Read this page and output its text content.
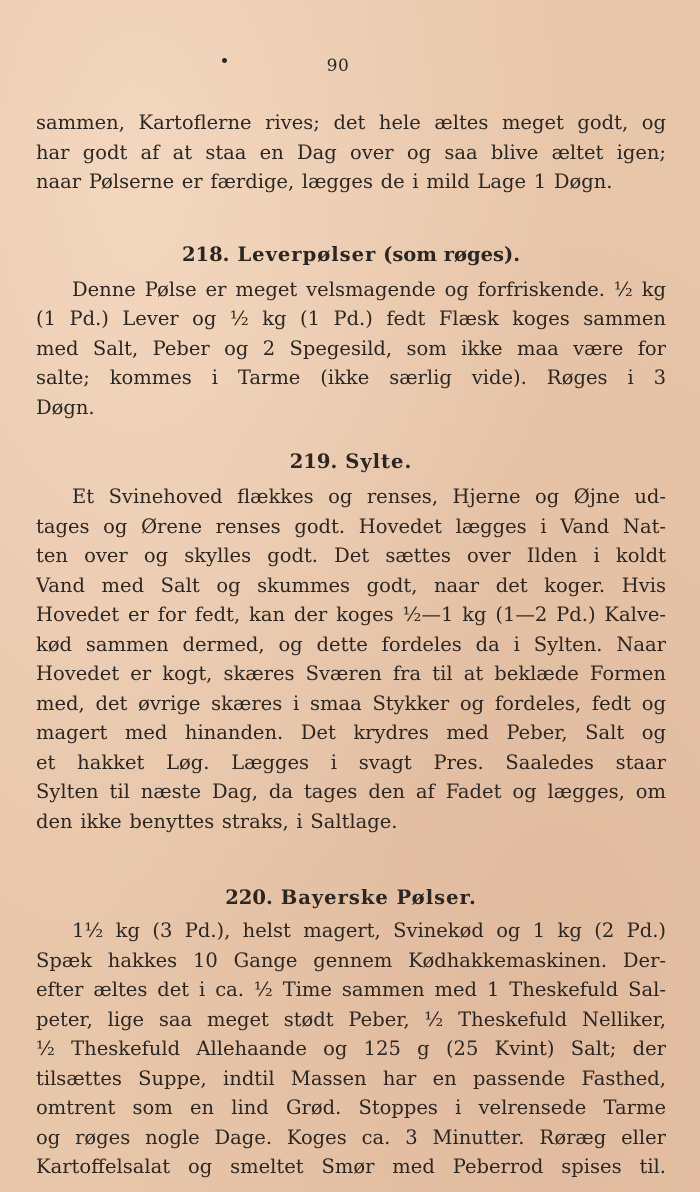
90

sammen, Kartoflerne rives; det hele æltes meget godt, og
har godt af at staa en Dag over og saa blive æltet igen;
naar Pølserne er færdige, lægges de i mild Lage 1 Døgn.

218. Leverpølser (som røges).

Denne Pølse er meget velsmagende og forfriskende. ½ kg
(1 Pd.) Lever og ½ kg (1 Pd.) fedt Flæsk koges sammen
med Salt, Peber og 2 Spegesild, som ikke maa være for
salte; kommes i Tarme (ikke særlig vide). Røges i 3
Døgn.

219. Sylte.

Et Svinehoved flækkes og renses, Hjerne og Øjne ud-
tages og Ørene renses godt. Hovedet lægges i Vand Nat-
ten over og skylles godt. Det sættes over Ilden i koldt
Vand med Salt og skummes godt, naar det koger. Hvis
Hovedet er for fedt, kan der koges ½—1 kg (1—2 Pd.) Kalve-
kød sammen dermed, og dette fordeles da i Sylten. Naar
Hovedet er kogt, skæres Sværen fra til at beklæde Formen
med, det øvrige skæres i smaa Stykker og fordeles, fedt og
magert med hinanden. Det krydres med Peber, Salt og
et hakket Løg. Lægges i svagt Pres. Saaledes staar
Sylten til næste Dag, da tages den af Fadet og lægges, om
den ikke benyttes straks, i Saltlage.

220. Bayerske Pølser.

1½ kg (3 Pd.), helst magert, Svinekød og 1 kg (2 Pd.)
Spæk hakkes 10 Gange gennem Kødhakkemaskinen. Der-
efter æltes det i ca. ½ Time sammen med 1 Theskefuld Sal-
peter, lige saa meget stødt Peber, ½ Theskefuld Nelliker,
½ Theskefuld Allehaande og 125 g (25 Kvint) Salt; der
tilsættes Suppe, indtil Massen har en passende Fasthed,
omtrent som en lind Grød. Stoppes i velrensede Tarme
og røges nogle Dage. Koges ca. 3 Minutter. Røræg eller
Kartoffelsalat og smeltet Smør med Peberrod spises til.
